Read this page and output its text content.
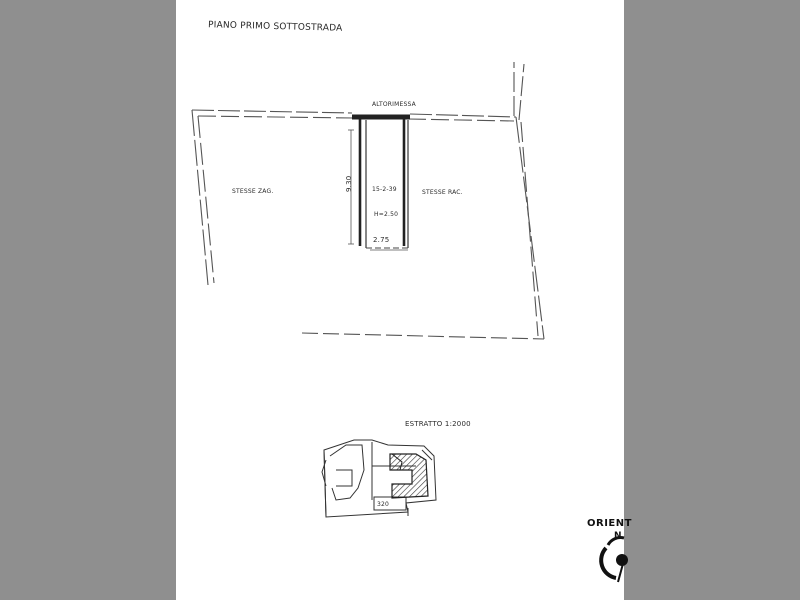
PIANO PRIMO SOTTOSTRADA
ALTORIMESSA
STESSE ZAG.	STESSE RAC.
15-2-39
H=2.50
9.30
2.75
ESTRATTO 1:2000
320
ORIENT
N
